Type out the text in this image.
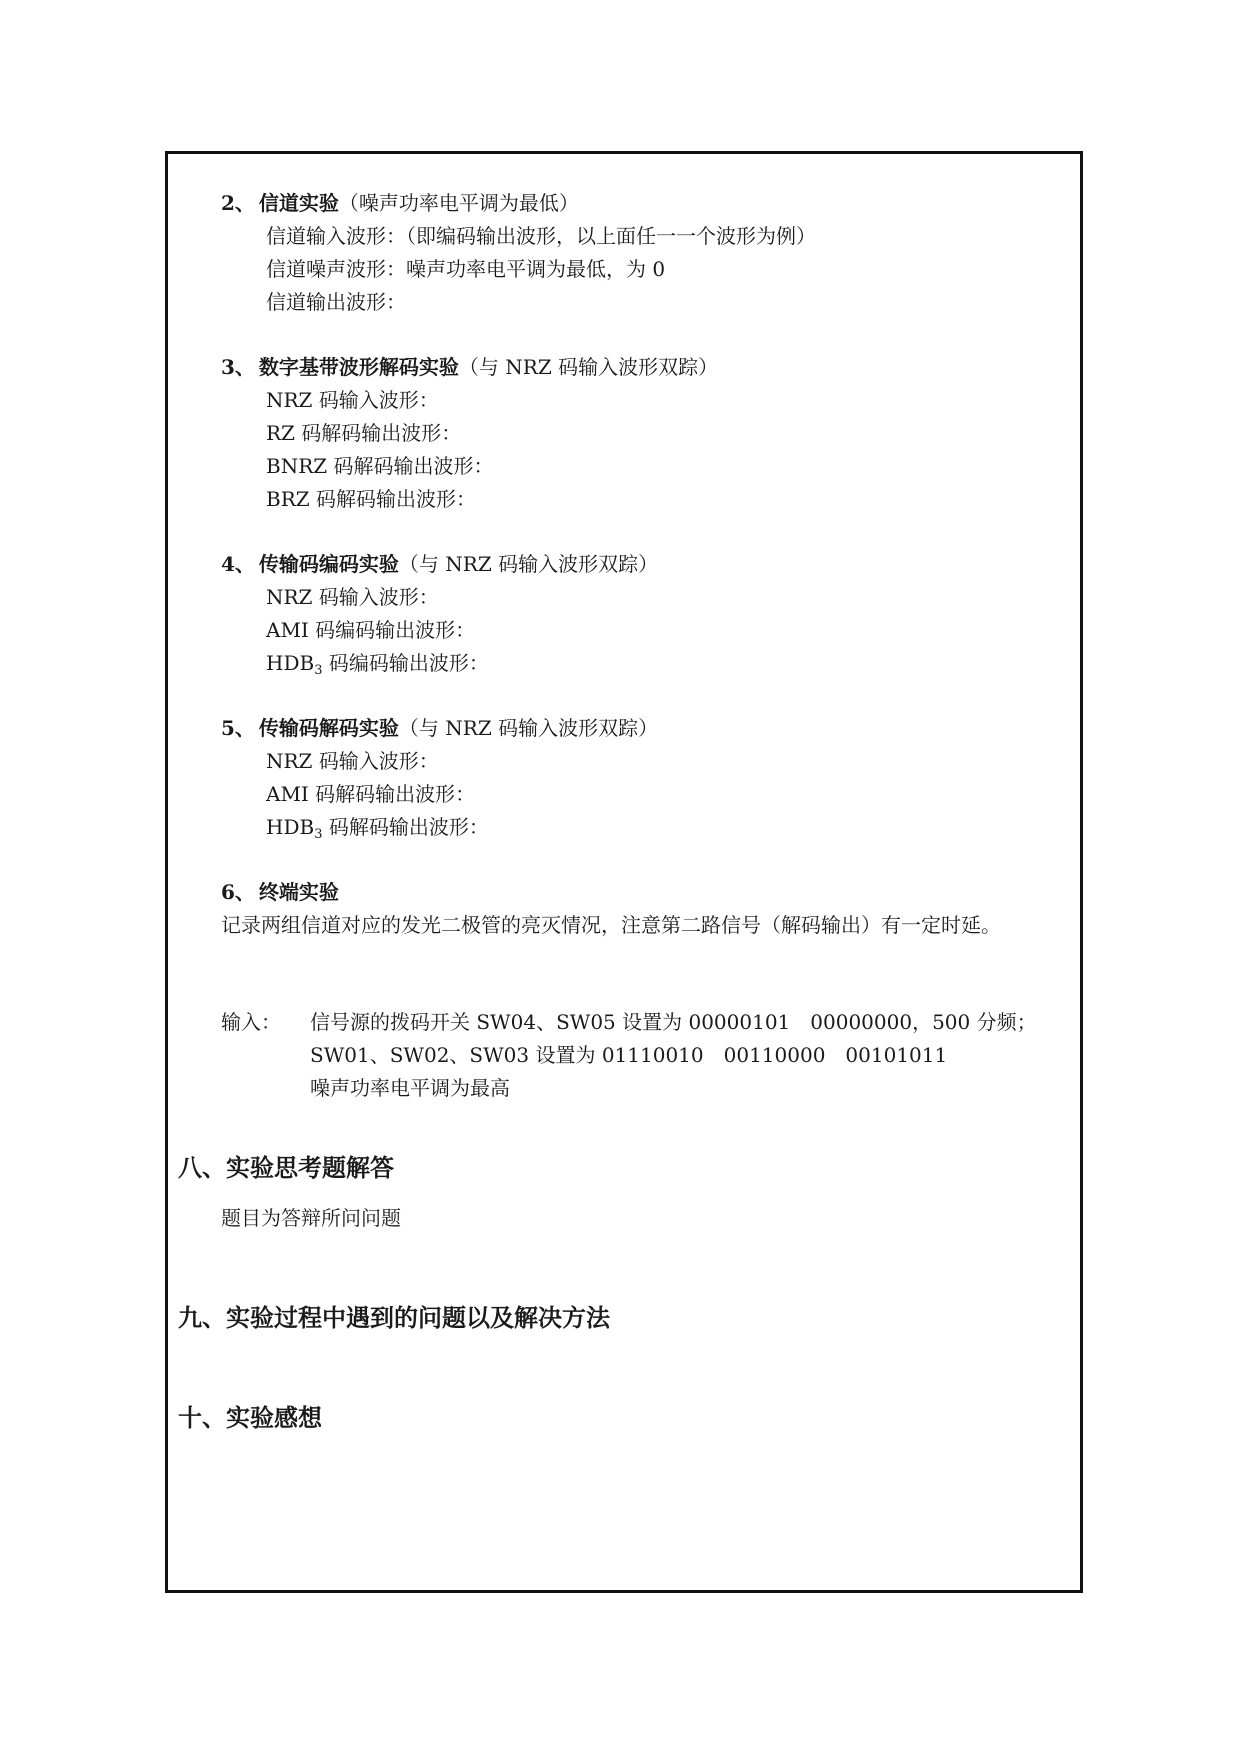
2、 信道实验（噪声功率电平调为最低）
信道输入波形：（即编码输出波形，以上面任一一个波形为例）
信道噪声波形：噪声功率电平调为最低，为 0
信道输出波形：
3、 数字基带波形解码实验（与 NRZ 码输入波形双踪）
NRZ 码输入波形：
RZ 码解码输出波形：
BNRZ 码解码输出波形：
BRZ 码解码输出波形：
4、 传输码编码实验（与 NRZ 码输入波形双踪）
NRZ 码输入波形：
AMI 码编码输出波形：
$HDB_3$ 码编码输出波形：
5、 传输码解码实验（与 NRZ 码输入波形双踪）
NRZ 码输入波形：
AMI 码解码输出波形：
$HDB_3$ 码解码输出波形：
6、 终端实验
记录两组信道对应的发光二极管的亮灭情况，注意第二路信号（解码输出）有一定时延。
输入： 信号源的拨码开关 SW04、SW05 设置为 00000101　00000000，500 分频；
SW01、SW02、SW03 设置为 01110010　00110000　00101011
噪声功率电平调为最高
八、实验思考题解答
题目为答辩所问问题
九、实验过程中遇到的问题以及解决方法
十、实验感想
